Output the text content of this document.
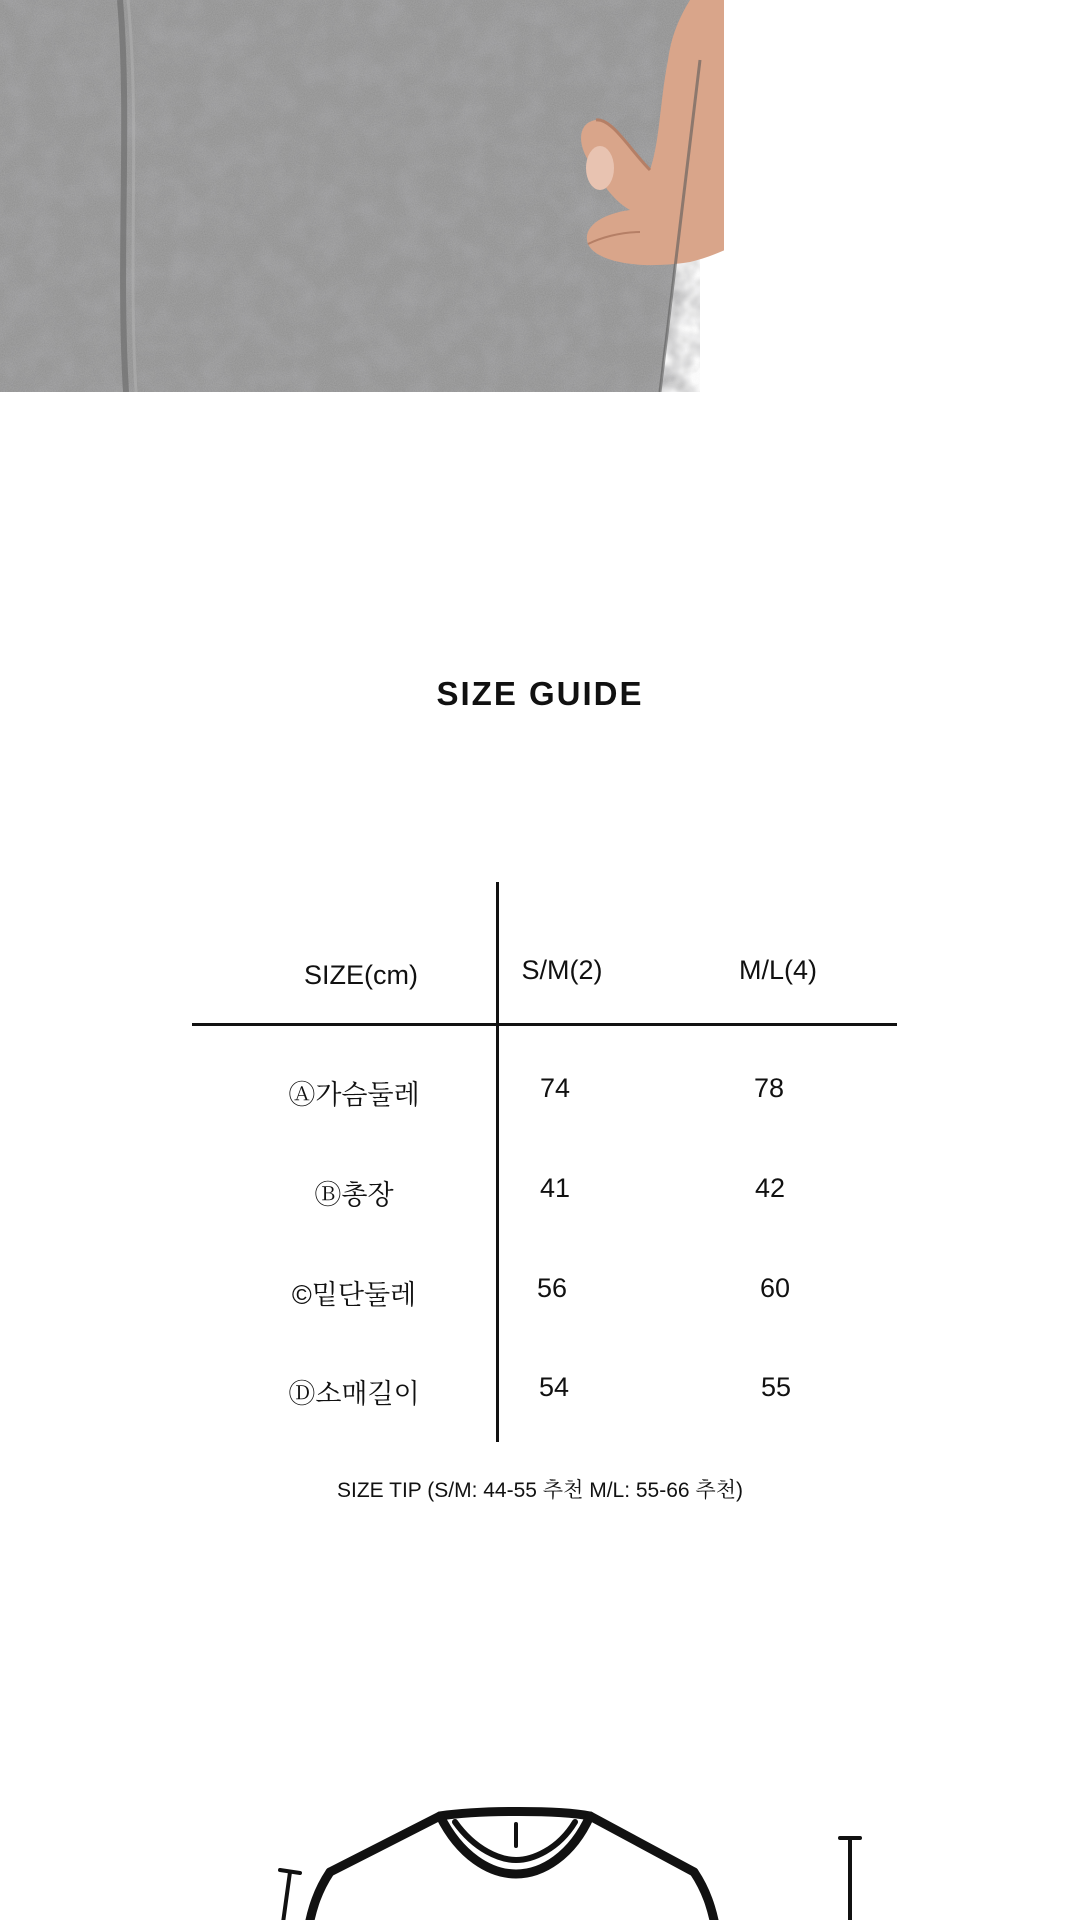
SIZE GUIDE
SIZE(cm)	S/M(2)	M/L(4)
Ⓐ가슴둘레	74	78
Ⓑ총장	41	42
©밑단둘레	56	60
Ⓓ소매길이	54	55
SIZE TIP (S/M: 44-55 추천 M/L: 55-66 추천)
